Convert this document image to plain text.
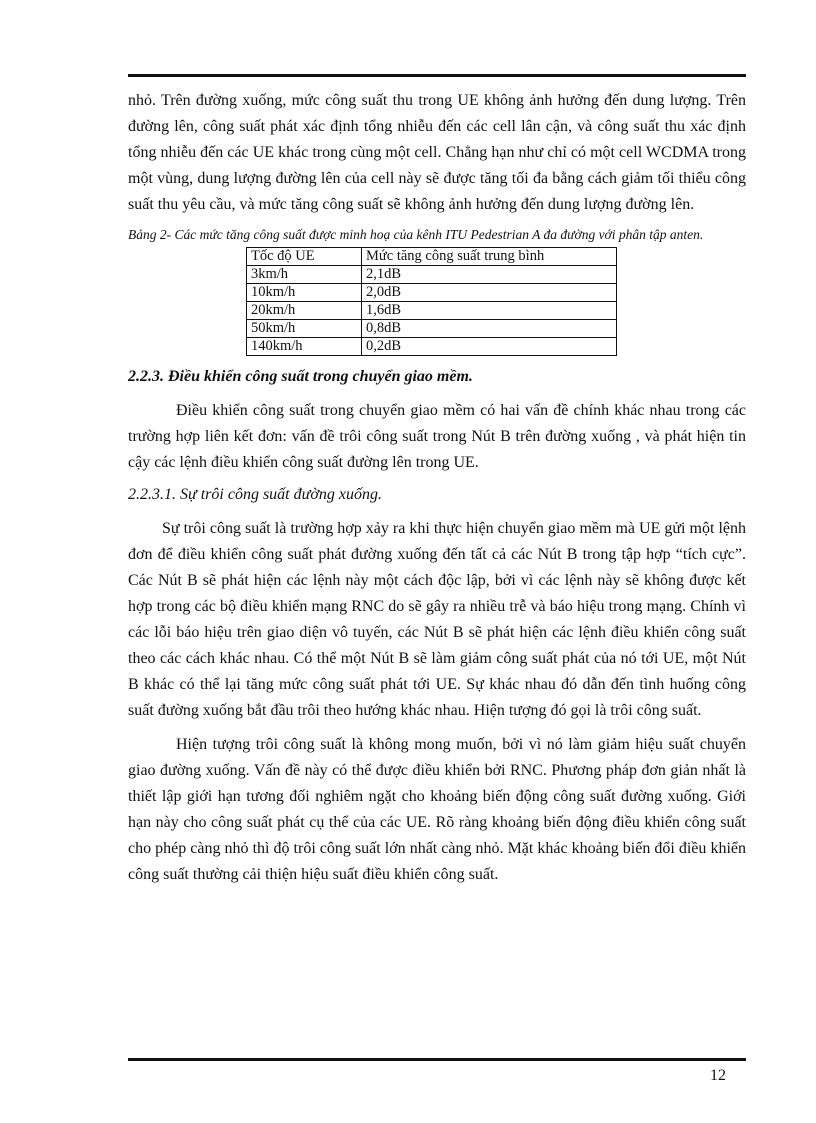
nhỏ. Trên đường xuống, mức công suất thu trong UE không ảnh hưởng đến dung lượng. Trên đường lên, công suất phát xác định tổng nhiễu đến các cell lân cận, và công suất thu xác định tổng nhiễu đến các UE khác trong cùng một cell. Chẳng hạn như chỉ có một cell WCDMA trong một vùng, dung lượng đường lên của cell này sẽ được tăng tối đa bằng cách giảm tối thiểu công suất thu yêu cầu, và mức tăng công suất sẽ không ảnh hưởng đến dung lượng đường lên.

Bảng 2- Các mức tăng công suất được minh hoạ của kênh ITU Pedestrian A đa đường với phân tập anten.
Tốc độ UE	Mức tăng công suất trung bình
3km/h	2,1dB
10km/h	2,0dB
20km/h	1,6dB
50km/h	0,8dB
140km/h	0,2dB
2.2.3. Điều khiển công suất trong chuyển giao mềm.

Điều khiển công suất trong chuyển giao mềm có hai vấn đề chính khác nhau trong các trường hợp liên kết đơn: vấn đề trôi công suất trong Nút B trên đường xuống , và phát hiện tin cậy các lệnh điều khiển công suất đường lên trong UE.

2.2.3.1. Sự trôi công suất đường xuống.

Sự trôi công suất là trường hợp xảy ra khi thực hiện chuyển giao mềm mà UE gửi một lệnh đơn để điều khiển công suất phát đường xuống đến tất cả các Nút B trong tập hợp “tích cực”. Các Nút B sẽ phát hiện các lệnh này một cách độc lập, bởi vì các lệnh này sẽ không được kết hợp trong các bộ điều khiển mạng RNC do sẽ gây ra nhiều trễ và báo hiệu trong mạng. Chính vì các lỗi báo hiệu trên giao diện vô tuyến, các Nút B sẽ phát hiện các lệnh điều khiển công suất theo các cách khác nhau. Có thể một Nút B sẽ làm giảm công suất phát của nó tới UE, một Nút B khác có thể lại tăng mức công suất phát tới UE. Sự khác nhau đó dẫn đến tình huống công suất đường xuống bắt đầu trôi theo hướng khác nhau. Hiện tượng đó gọi là trôi công suất.

Hiện tượng trôi công suất là không mong muốn, bởi vì nó làm giảm hiệu suất chuyển giao đường xuống. Vấn đề này có thể được điều khiển bởi RNC. Phương pháp đơn giản nhất là thiết lập giới hạn tương đối nghiêm ngặt cho khoảng biến động công suất đường xuống. Giới hạn này cho công suất phát cụ thể của các UE. Rõ ràng khoảng biến động điều khiển công suất cho phép càng nhỏ thì độ trôi công suất lớn nhất càng nhỏ. Mặt khác khoảng biến đổi điều khiển công suất thường cải thiện hiệu suất điều khiển công suất.

12
